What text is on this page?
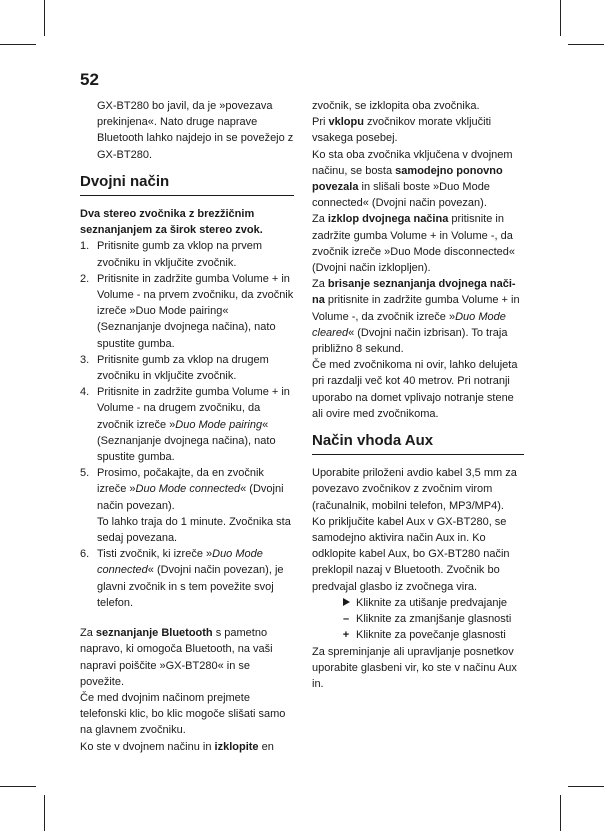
52

GX-BT280 bo javil, da je »povezava prekinjena«. Nato druge naprave Bluetooth lahko najdejo in se povežejo z GX-BT280.

Dvojni način

Dva stereo zvočnika z brezžičnim seznanjanjem za širok stereo zvok.

1. Pritisnite gumb za vklop na prvem zvočniku in vključite zvočnik.
2. Pritisnite in zadržite gumba Volume + in Volume - na prvem zvočniku, da zvočnik izreče »Duo Mode pairing« (Seznanjanje dvojnega načina), nato spustite gumba.
3. Pritisnite gumb za vklop na drugem zvočniku in vključite zvočnik.
4. Pritisnite in zadržite gumba Volume + in Volume - na drugem zvočniku, da zvočnik izreče »Duo Mode pairing« (Seznanjanje dvojnega načina), nato spustite gumba.
5. Prosimo, počakajte, da en zvočnik izreče »Duo Mode connected« (Dvojni način povezan).
To lahko traja do 1 minute. Zvočnika sta sedaj povezana.
6. Tisti zvočnik, ki izreče »Duo Mode connected« (Dvojni način povezan), je glavni zvočnik in s tem povežite svoj telefon.

Za seznanjanje Bluetooth s pametno napravo, ki omogoča Bluetooth, na vaši napravi poiščite »GX-BT280« in se povežite.

Če med dvojnim načinom prejmete telefonski klic, bo klic mogoče slišati samo na glavnem zvočniku.

Ko ste v dvojnem načinu in izklopite en

zvočnik, se izklopita oba zvočnika.

Pri vklopu zvočnikov morate vključiti vsakega posebej.

Ko sta oba zvočnika vključena v dvojnem načinu, se bosta samodejno ponovno povezala in slišali boste »Duo Mode connected« (Dvojni način povezan).

Za izklop dvojnega načina pritisnite in zadržite gumba Volume + in Volume -, da zvočnik izreče »Duo Mode disconnected« (Dvojni način izklopljen).

Za brisanje seznanjanja dvojnega nači-na pritisnite in zadržite gumba Volume + in Volume -, da zvočnik izreče »Duo Mode cleared« (Dvojni način izbrisan). To traja približno 8 sekund.

Če med zvočnikoma ni ovir, lahko delujeta pri razdalji več kot 40 metrov. Pri notranji uporabo na domet vplivajo notranje stene ali ovire med zvočnikoma.

Način vhoda Aux

Uporabite priloženi avdio kabel 3,5 mm za povezavo zvočnikov z zvočnim virom (računalnik, mobilni telefon, MP3/MP4).

Ko priključite kabel Aux v GX-BT280, se samodejno aktivira način Aux in. Ko odklopite kabel Aux, bo GX-BT280 način preklopil nazaj v Bluetooth. Zvočnik bo predvajal glasbo iz zvočnega vira.

Kliknite za utišanje predvajanje
– Kliknite za zmanjšanje glasnosti
+ Kliknite za povečanje glasnosti

Za spreminjanje ali upravljanje posnetkov uporabite glasbeni vir, ko ste v načinu Aux in.
